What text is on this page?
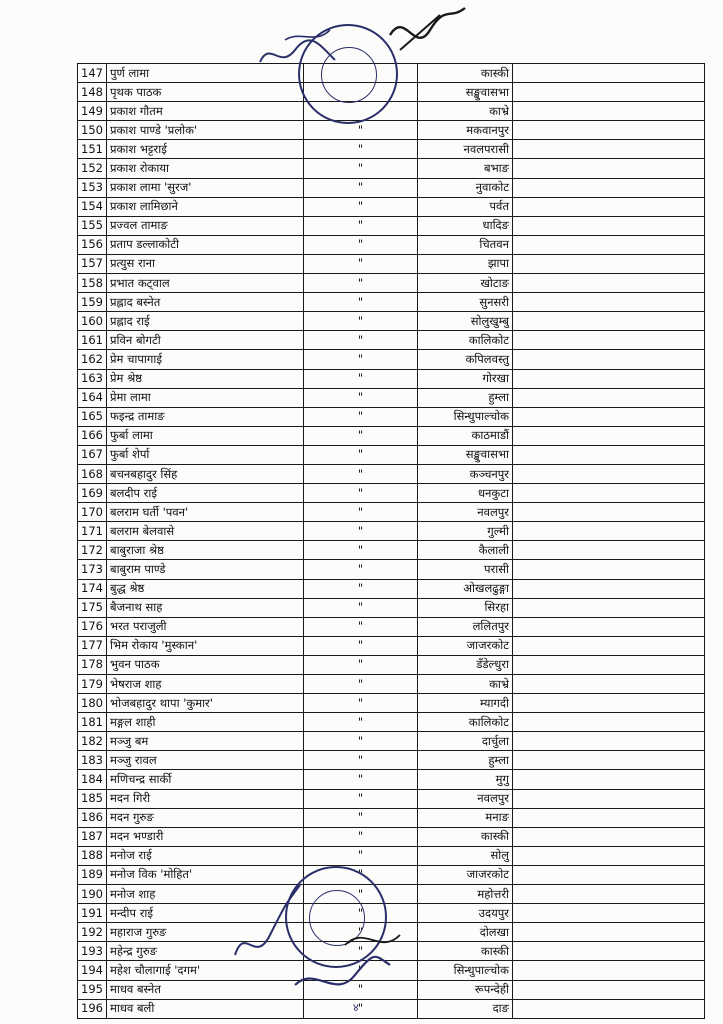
147	पुर्ण लामा		कास्की	
148	पृथक पाठक		सङ्खुवासभा	
149	प्रकाश गौतम		काभ्रे	
150	प्रकाश पाण्डे 'प्रलोक'	"	मकवानपुर	
151	प्रकाश भट्टराई	"	नवलपरासी	
152	प्रकाश रोकाया	"	बभाङ	
153	प्रकाश लामा 'सुरज'	"	नुवाकोट	
154	प्रकाश लामिछाने	"	पर्वत	
155	प्रज्वल तामाङ	"	धादिङ	
156	प्रताप डल्लाकोटी	"	चितवन	
157	प्रत्युस राना	"	झापा	
158	प्रभात कट्वाल	"	खोटाङ	
159	प्रह्लाद बस्नेत	"	सुनसरी	
160	प्रह्लाद राई	"	सोलुखुम्बु	
161	प्रविन बोगटी	"	कालिकोट	
162	प्रेम चापागाई	"	कपिलवस्तु	
163	प्रेम श्रेष्ठ	"	गोरखा	
164	प्रेमा लामा	"	हुम्ला	
165	फइन्द्र तामाङ	"	सिन्धुपाल्चोक	
166	फुर्बा लामा	"	काठमाडौं	
167	फुर्बा शेर्पा	"	सङ्खुवासभा	
168	बचनबहादुर सिंह	"	कञ्चनपुर	
169	बलदीप राई	"	धनकुटा	
170	बलराम घर्ती 'पवन'	"	नवलपुर	
171	बलराम बेलवासे	"	गुल्मी	
172	बाबुराजा श्रेष्ठ	"	कैलाली	
173	बाबुराम पाण्डे	"	परासी	
174	बुद्ध श्रेष्ठ	"	ओखलढुङ्गा	
175	बैजनाथ साह	"	सिरहा	
176	भरत पराजुली	"	ललितपुर	
177	भिम रोकाय 'मुस्कान'	"	जाजरकोट	
178	भुवन पाठक	"	डँडेल्धुरा	
179	भेषराज शाह	"	काभ्रे	
180	भोजबहादुर थापा 'कुमार'	"	म्यागदी	
181	मङ्गल शाही	"	कालिकोट	
182	मञ्जु बम	"	दार्चुला	
183	मञ्जु रावल	"	हुम्ला	
184	मणिचन्द्र सार्की	"	मुगु	
185	मदन गिरी	"	नवलपुर	
186	मदन गुरुङ	"	मनाङ	
187	मदन भण्डारी	"	कास्की	
188	मनोज राई	"	सोलु	
189	मनोज विक 'मोहित'	"	जाजरकोट	
190	मनोज शाह	"	महोत्तरी	
191	मन्दीप राई	"	उदयपुर	
192	महाराज गुरुङ	"	दोलखा	
193	महेन्द्र गुरुङ	"	कास्की	
194	महेश चौलागाई 'दगम'	"	सिन्धुपाल्चोक	
195	माधव बस्नेत	"	रूपन्देही	
196	माधव बली	"	दाङ	
४
